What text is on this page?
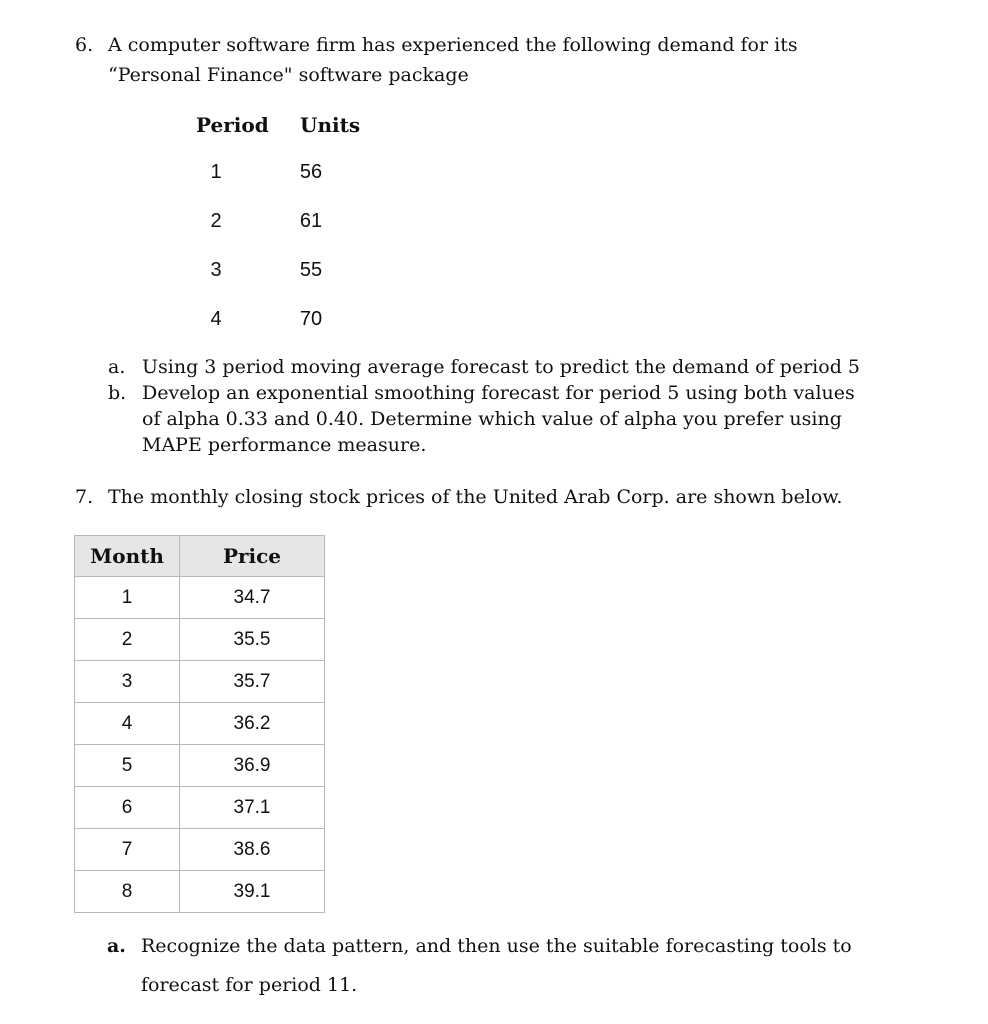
6. A computer software firm has experienced the following demand for its
“Personal Finance" software package
Period Units
1	56
2	61
3	55
4	70
a. Using 3 period moving average forecast to predict the demand of period 5
b. Develop an exponential smoothing forecast for period 5 using both values
of alpha 0.33 and 0.40. Determine which value of alpha you prefer using
MAPE performance measure.
7. The monthly closing stock prices of the United Arab Corp. are shown below.
Month	Price
1	34.7
2	35.5
3	35.7
4	36.2
5	36.9
6	37.1
7	38.6
8	39.1
a. Recognize the data pattern, and then use the suitable forecasting tools to
forecast for period 11.
